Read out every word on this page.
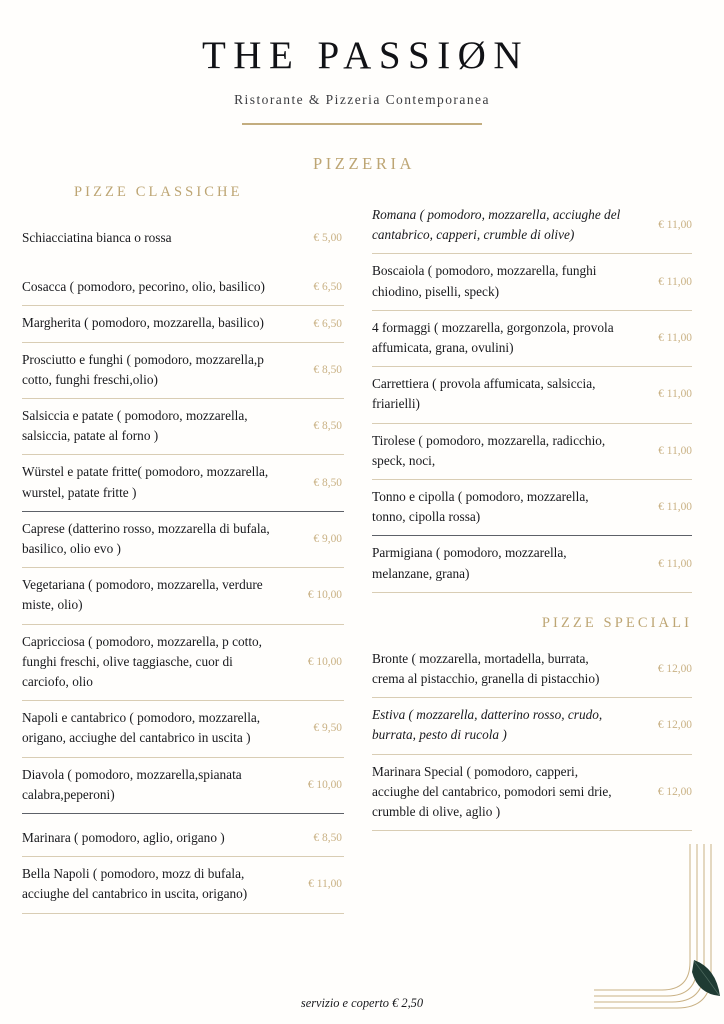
THE PASSIØN
Ristorante & Pizzeria Contemporanea
PIZZERIA
PIZZE CLASSICHE
Schiacciatina bianca o rossa	€ 5,00
Cosacca ( pomodoro, pecorino, olio, basilico)	€ 6,50
Margherita ( pomodoro, mozzarella, basilico)	€ 6,50
Prosciutto e funghi ( pomodoro, mozzarella,p cotto, funghi freschi,olio)
€ 8,50
Salsiccia e patate ( pomodoro, mozzarella, salsiccia, patate al forno )
€ 8,50
Würstel e patate fritte( pomodoro, mozzarella, wurstel, patate fritte )
€ 8,50
Caprese (datterino rosso, mozzarella di bufala, basilico, olio evo )
€ 9,00
Vegetariana ( pomodoro, mozzarella, verdure miste, olio)
€ 10,00
Capricciosa ( pomodoro, mozzarella, p cotto, funghi freschi, olive taggiasche, cuor di carciofo, olio
€ 10,00
Napoli e cantabrico ( pomodoro, mozzarella, origano, acciughe del cantabrico in uscita )
€ 9,50
Diavola ( pomodoro, mozzarella,spianata calabra,peperoni)
€ 10,00
Marinara ( pomodoro, aglio, origano )	€ 8,50
Bella Napoli ( pomodoro, mozz di bufala, acciughe del cantabrico in uscita, origano)
€ 11,00
Romana ( pomodoro, mozzarella, acciughe del cantabrico, capperi, crumble di olive)
€ 11,00
Boscaiola ( pomodoro, mozzarella, funghi chiodino, piselli, speck)
€ 11,00
4 formaggi ( mozzarella, gorgonzola, provola affumicata, grana, ovulini)
€ 11,00
Carrettiera ( provola affumicata, salsiccia, friarielli)
€ 11,00
Tirolese ( pomodoro, mozzarella, radicchio, speck, noci,
€ 11,00
Tonno e cipolla ( pomodoro, mozzarella, tonno, cipolla rossa)
€ 11,00
Parmigiana ( pomodoro, mozzarella, melanzane, grana)
€ 11,00
PIZZE SPECIALI
Bronte ( mozzarella, mortadella, burrata, crema al pistacchio, granella di pistacchio)
€ 12,00
Estiva ( mozzarella, datterino rosso, crudo, burrata, pesto di rucola )
€ 12,00
Marinara Special ( pomodoro, capperi, acciughe del cantabrico, pomodori semi drie, crumble di olive, aglio )
€ 12,00
servizio e coperto € 2,50
